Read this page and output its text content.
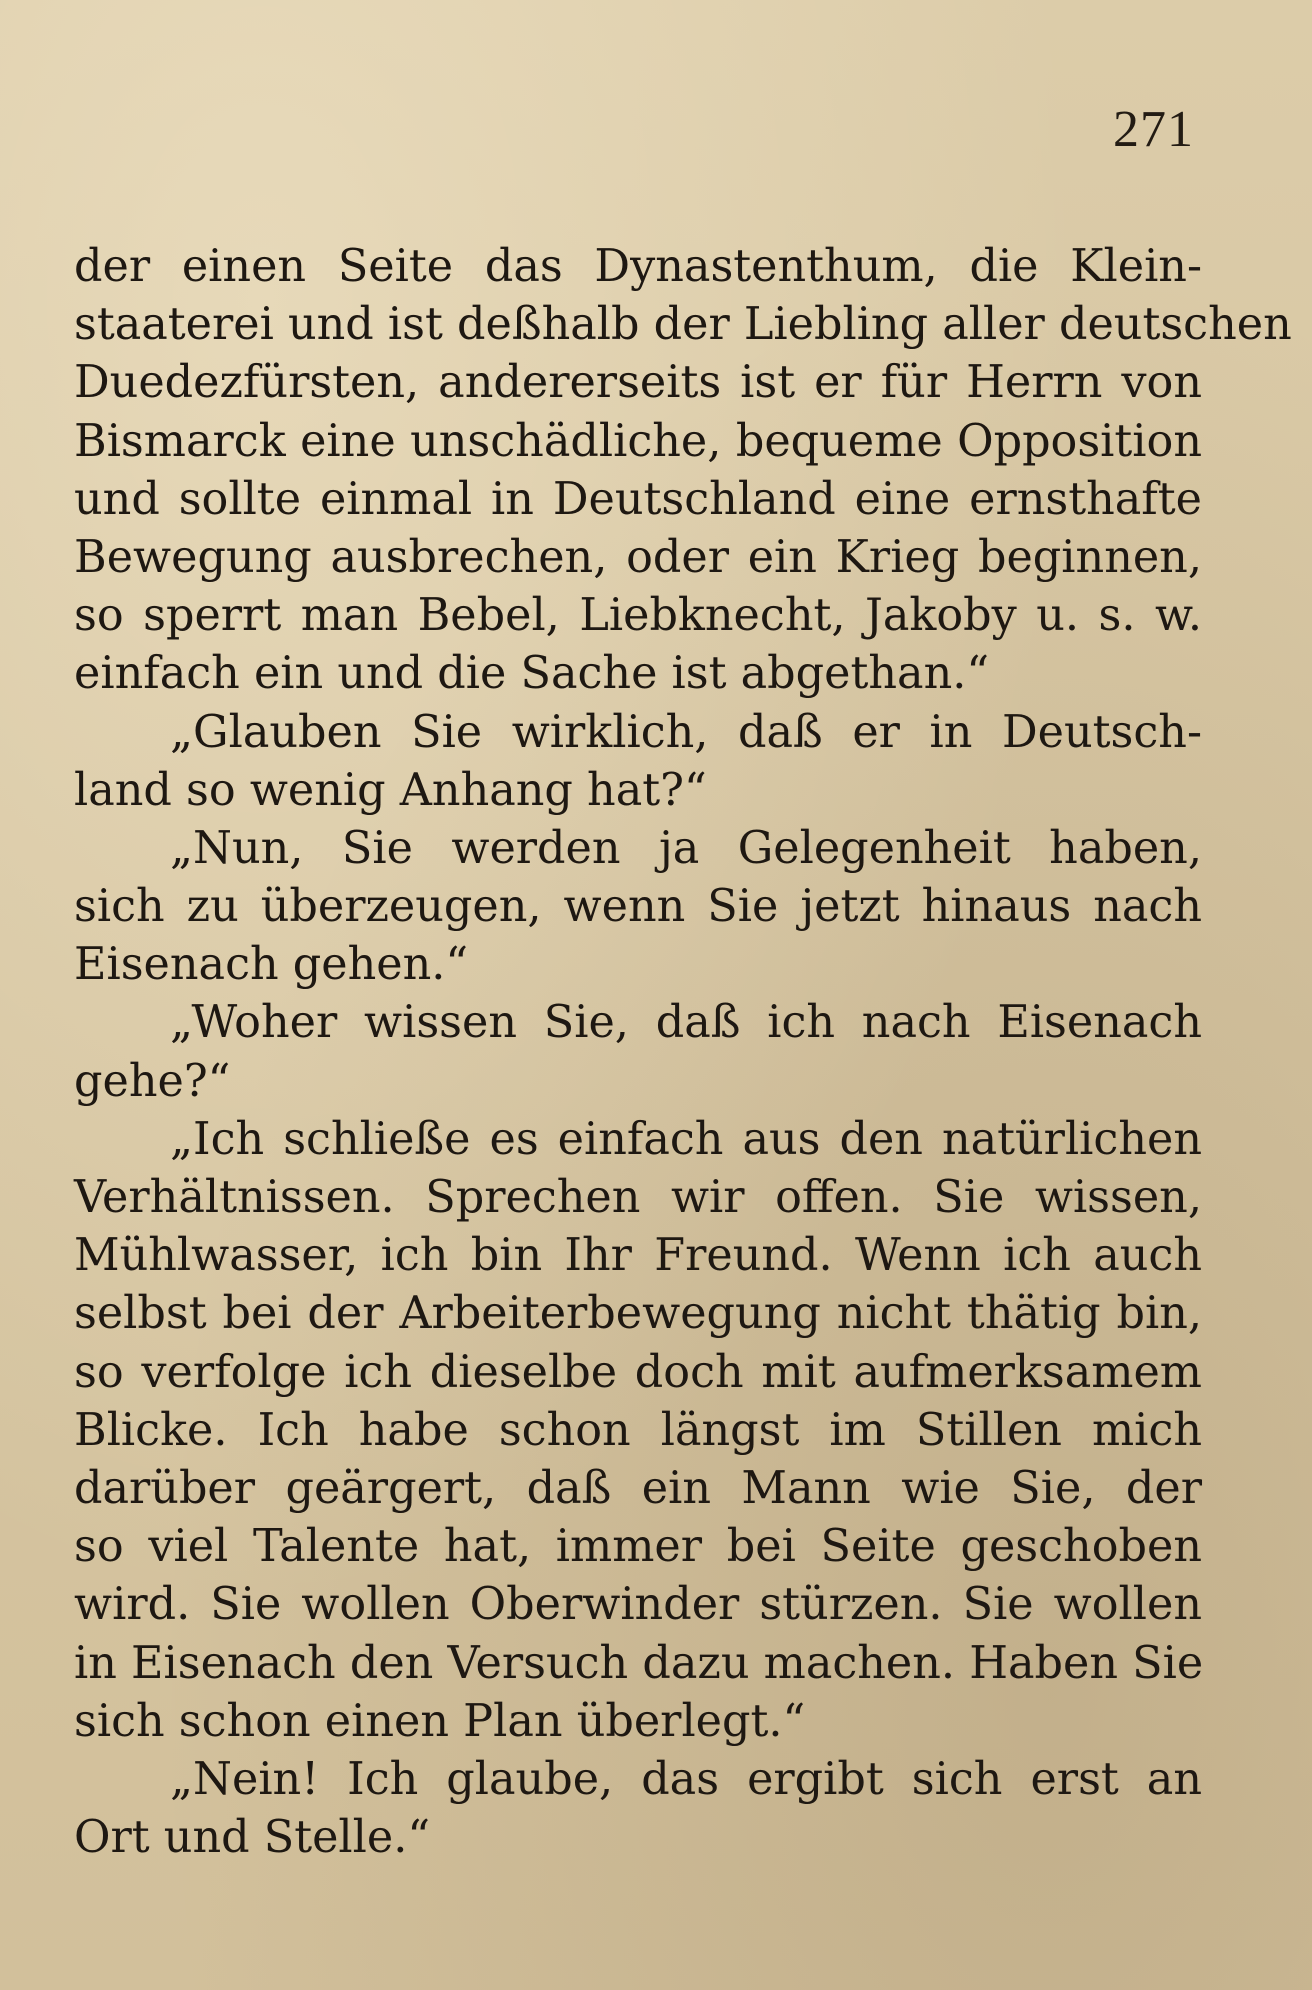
271
der einen Seite das Dynastenthum, die Klein-
staaterei und ist deßhalb der Liebling aller deutschen
Duedezfürsten, andererseits ist er für Herrn von
Bismarck eine unschädliche, bequeme Opposition
und sollte einmal in Deutschland eine ernsthafte
Bewegung ausbrechen, oder ein Krieg beginnen,
so sperrt man Bebel, Liebknecht, Jakoby u. s. w.
einfach ein und die Sache ist abgethan.“
„Glauben Sie wirklich, daß er in Deutsch-
land so wenig Anhang hat?“
„Nun, Sie werden ja Gelegenheit haben,
sich zu überzeugen, wenn Sie jetzt hinaus nach
Eisenach gehen.“
„Woher wissen Sie, daß ich nach Eisenach
gehe?“
„Ich schließe es einfach aus den natürlichen
Verhältnissen. Sprechen wir offen. Sie wissen,
Mühlwasser, ich bin Ihr Freund. Wenn ich auch
selbst bei der Arbeiterbewegung nicht thätig bin,
so verfolge ich dieselbe doch mit aufmerksamem
Blicke. Ich habe schon längst im Stillen mich
darüber geärgert, daß ein Mann wie Sie, der
so viel Talente hat, immer bei Seite geschoben
wird. Sie wollen Oberwinder stürzen. Sie wollen
in Eisenach den Versuch dazu machen. Haben Sie
sich schon einen Plan überlegt.“
„Nein! Ich glaube, das ergibt sich erst an
Ort und Stelle.“
